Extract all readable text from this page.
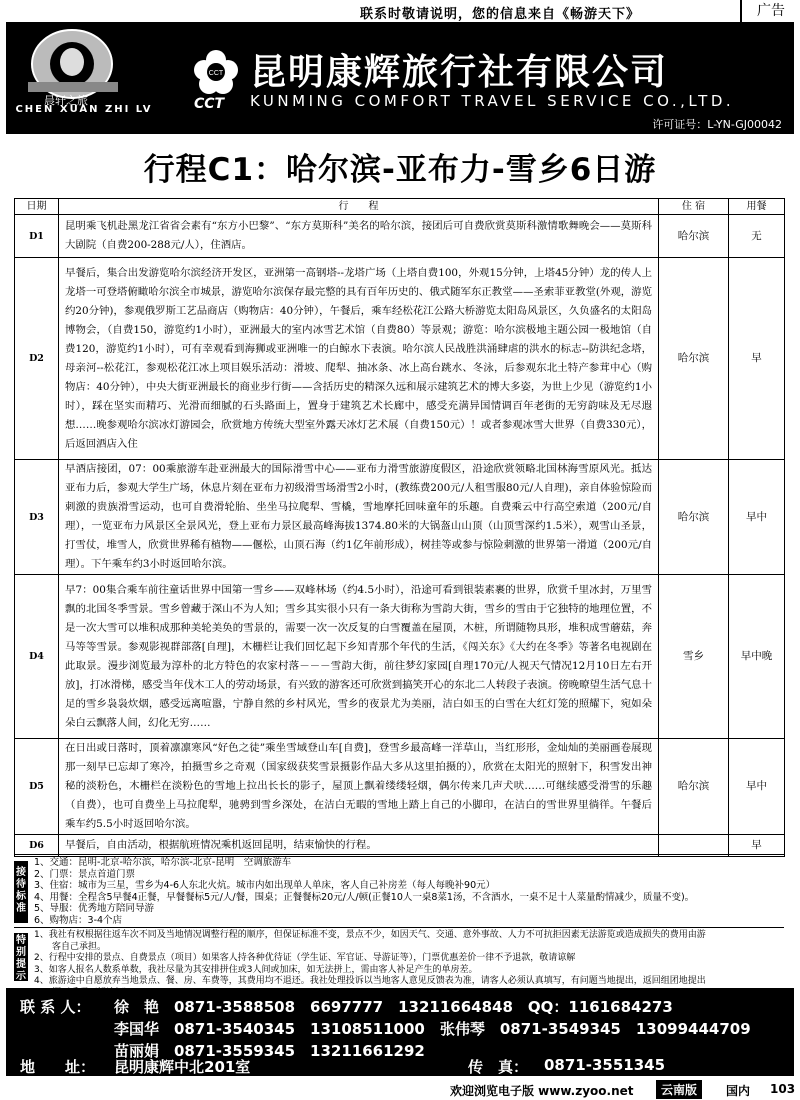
联系时敬请说明，您的信息来自《畅游天下》	广告
晨轩之旅
CHEN XUAN ZHI LV
CCT
CCT
昆明康辉旅行社有限公司
KUNMING COMFORT TRAVEL SERVICE CO.,LTD.
许可证号：L-YN-GJ00042
行程C1：哈尔滨-亚布力-雪乡6日游
日期	行　　程	住 宿	用餐
D1	昆明乘飞机赴黑龙江省省会素有“东方小巴黎”、“东方莫斯科”美名的哈尔滨，接团后可自费欣赏莫斯科激情歌舞晚会——莫斯科大剧院（自费200-288元/人），住酒店。	哈尔滨	无
D2	早餐后，集合出发游览哈尔滨经济开发区，亚洲第一高钢塔--龙塔广场（上塔自费100，外观15分钟，上塔45分钟）龙的传人上龙塔一可登塔俯瞰哈尔滨全市城景，游览哈尔滨保存最完整的具有百年历史的、俄式随军东正教堂——圣索菲亚教堂(外观，游览约20分钟)，参观俄罗斯工艺品商店（购物店：40分钟），午餐后，乘车经松花江公路大桥游览太阳岛风景区，久负盛名的太阳岛博物会，（自费150，游览约1小时），亚洲最大的室内冰雪艺术馆（自费80）等景观；游览：哈尔滨极地主题公园一极地馆（自费120，游览约1小时），可有幸观看到海狮或亚洲唯一的白鲸水下表演。哈尔滨人民战胜洪涌肆虐的洪水的标志--防洪纪念塔，母亲河--松花江，参观松花江冰上项目娱乐活动：滑坡、爬犁、抽冰条、冰上高台跳水、冬泳，后参观东北土特产参茸中心（购物店：40分钟），中央大街亚洲最长的商业步行街——含括历史的精深久远和展示建筑艺术的博大多姿，为世上少见（游览约1小时），踩在坚实而精巧、光滑而细腻的石头路面上，置身于建筑艺术长廊中，感受充满异国情调百年老街的无穷韵味及无尽遐想……晚参观哈尔滨冰灯游园会，欣赏地方传统大型室外露天冰灯艺术展（自费150元）！或者参观冰雪大世界（自费330元），后返回酒店入住	哈尔滨	早
D3	早酒店接团，07：00乘旅游车赴亚洲最大的国际滑雪中心——亚布力滑雪旅游度假区，沿途欣赏领略北国林海雪原风光。抵达亚布力后，参观大学生广场，休息片刻在亚布力初级滑雪场滑雪2小时，(教练费200元/人租雪服80元/人自理)，亲自体验惊险而刺激的贵族滑雪运动，也可自费滑轮胎、坐坐马拉爬犁、雪橇，雪地摩托回味童年的乐趣。自费乘云中行高空索道（200元/自理），一览亚布力风景区全景风光，登上亚布力景区最高峰海拔1374.80米的大锅盔山山顶（山顶雪深约1.5米），观雪山圣景，打雪仗，堆雪人，欣赏世界稀有植物——偃松，山顶石海（约1亿年前形成），树挂等或参与惊险刺激的世界第一滑道（200元/自理）。下午乘车约3小时返回哈尔滨。	哈尔滨	早中
D4	早7：00集合乘车前往童话世界中国第一雪乡——双峰林场（约4.5小时），沿途可看到银装素裹的世界，欣赏千里冰封，万里雪飘的北国冬季雪景。雪乡曾藏于深山不为人知；雪乡其实很小只有一条大街称为雪韵大街，雪乡的雪由于它独特的地理位置，不是一次大雪可以堆积成那种美轮美奂的雪景的，需要一次一次反复的白雪覆盖在屋顶，木桩，所谓随物具形，堆积成雪蘑菇，奔马等等雪景。参观影视群部落[自理]，木栅栏让我们回忆起下乡知青那个年代的生活，《闯关东》《大约在冬季》等著名电视剧在此取景。漫步浏览最为淳朴的北方特色的农家村落－－－雪韵大街，前往梦幻家园[自理170元/人视天气情况12月10日左右开放]，打冰滑梯，感受当年伐木工人的劳动场景，有兴致的游客还可欣赏到搞笑开心的东北二人转段子表演。傍晚暸望生活气息十足的雪乡袅袅炊烟，感受远离喧嚣，宁静自然的乡村风光，雪乡的夜景尤为美丽，洁白如玉的白雪在大红灯笼的照耀下，宛如朵朵白云飘落人间，幻化无穷……	雪乡	早中晚
D5	在日出或日落时，顶着凛凛寒风“好色之徒”乘坐雪域登山车[自费]，登雪乡最高峰一洋草山，当红形形，金灿灿的美丽画卷展现那一刻早已忘却了寒冷，拍摄雪乡之奇观（国家级获奖雪景摄影作品大多从这里拍摄的），欣赏在太阳光的照射下，积雪发出神秘的淡粉色，木栅栏在淡粉色的雪地上拉出长长的影子，屋顶上飘着缕缕轻烟，偶尔传来几声犬吠……可继续感受滑雪的乐趣（自费），也可自费坐上马拉爬犁，驰骋到雪乡深处，在洁白无暇的雪地上踏上自己的小脚印，在洁白的雪世界里徜徉。午餐后乘车约5.5小时返回哈尔滨。	哈尔滨	早中
D6	早餐后，自由活动，根据航班情况乘机返回昆明，结束愉快的行程。		早
接待标准
1、交通：昆明-北京-哈尔滨，哈尔滨-北京-昆明　空调旅游车
2、门票：景点首道门票
3、住宿：城市为三星，雪乡为4-6人东北火炕。城市内如出现单人单床，客人自己补房差（每人每晚补90元）
4、用餐：全程含5早餐4正餐，早餐餐标5元/人/餐，围桌；正餐餐标20元/人/顿(正餐10人一桌8菜1汤，不含酒水，一桌不足十人菜量酌情减少，质量不变)。
5、导服：优秀地方陪同导游
6、购物店：3-4个店
特别提示
1、我社有权根据往返车次不同及当地情况调整行程的顺序，但保证标准不变，景点不少，如因天气、交通、意外事故、人力不可抗拒因素无法游览或造成损失的费用由游
　　客自己承担。
2、行程中安排的景点、自费景点（项目）如果客人持各种优待证（学生证、军官证、导游证等），门票优惠差价一律不予退款，敬请谅解
3、如客人报名人数系单数，我社尽量为其安排拼住或3人间或加床，如无法拼上，需由客人补足产生的单房差。
4、旅游途中自愿放弃当地景点、餐、房、车费等，其费用均不退还。我社处理投诉以当地客人意见反馈表为准，请客人必须认真填写，有问题当地提出，返回组团地提出
联 系 人： 徐　艳　0871-3588508　6697777　13211664848　QQ：1161684273
李国华　0871-3540345　13108511000　张伟琴　0871-3549345　13099444709
苗丽娟　0871-3559345　13211661292
地　　址： 昆明康辉中北201室	传　真： 0871-3551345
欢迎浏览电子版 www.zyoo.net	云南版	国内 103
